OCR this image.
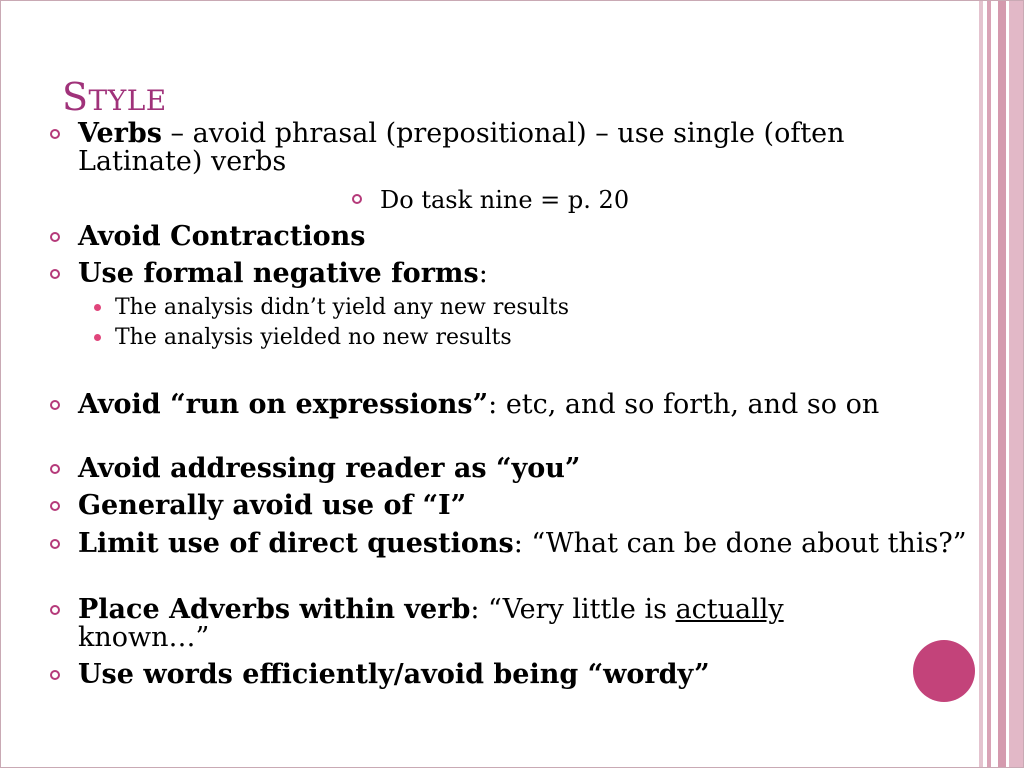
STYLE
Verbs – avoid phrasal (prepositional) – use single (often Latinate) verbs
Do task nine = p. 20
Avoid Contractions
Use formal negative forms:
The analysis didn’t yield any new results
The analysis yielded no new results
Avoid “run on expressions”: etc, and so forth, and so on
Avoid addressing reader as “you”
Generally avoid use of “I”
Limit use of direct questions: “What can be done about this?”
Place Adverbs within verb: “Very little is actually known…”
Use words efficiently/avoid being “wordy”
